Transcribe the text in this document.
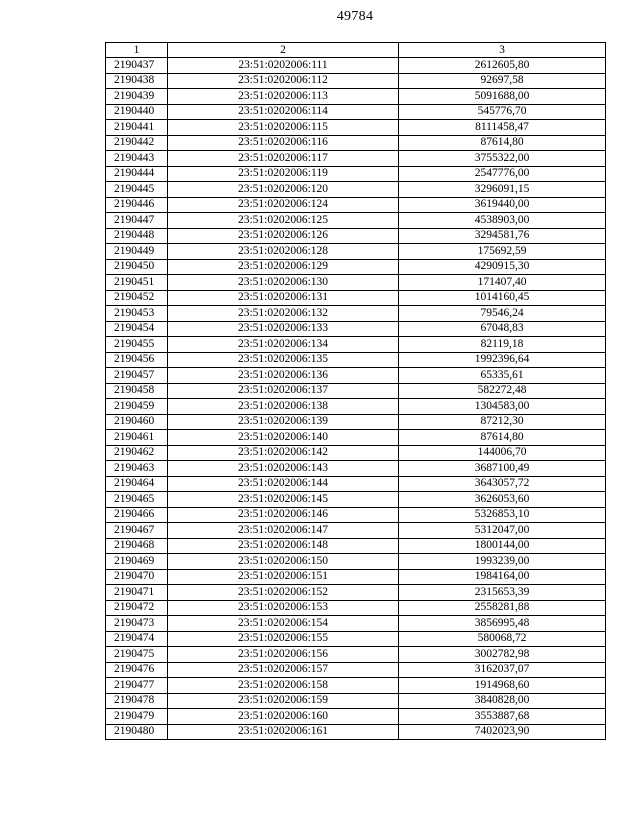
49784
1	2	3
2190437	23:51:0202006:111	2612605,80
2190438	23:51:0202006:112	92697,58
2190439	23:51:0202006:113	5091688,00
2190440	23:51:0202006:114	545776,70
2190441	23:51:0202006:115	8111458,47
2190442	23:51:0202006:116	87614,80
2190443	23:51:0202006:117	3755322,00
2190444	23:51:0202006:119	2547776,00
2190445	23:51:0202006:120	3296091,15
2190446	23:51:0202006:124	3619440,00
2190447	23:51:0202006:125	4538903,00
2190448	23:51:0202006:126	3294581,76
2190449	23:51:0202006:128	175692,59
2190450	23:51:0202006:129	4290915,30
2190451	23:51:0202006:130	171407,40
2190452	23:51:0202006:131	1014160,45
2190453	23:51:0202006:132	79546,24
2190454	23:51:0202006:133	67048,83
2190455	23:51:0202006:134	82119,18
2190456	23:51:0202006:135	1992396,64
2190457	23:51:0202006:136	65335,61
2190458	23:51:0202006:137	582272,48
2190459	23:51:0202006:138	1304583,00
2190460	23:51:0202006:139	87212,30
2190461	23:51:0202006:140	87614,80
2190462	23:51:0202006:142	144006,70
2190463	23:51:0202006:143	3687100,49
2190464	23:51:0202006:144	3643057,72
2190465	23:51:0202006:145	3626053,60
2190466	23:51:0202006:146	5326853,10
2190467	23:51:0202006:147	5312047,00
2190468	23:51:0202006:148	1800144,00
2190469	23:51:0202006:150	1993239,00
2190470	23:51:0202006:151	1984164,00
2190471	23:51:0202006:152	2315653,39
2190472	23:51:0202006:153	2558281,88
2190473	23:51:0202006:154	3856995,48
2190474	23:51:0202006:155	580068,72
2190475	23:51:0202006:156	3002782,98
2190476	23:51:0202006:157	3162037,07
2190477	23:51:0202006:158	1914968,60
2190478	23:51:0202006:159	3840828,00
2190479	23:51:0202006:160	3553887,68
2190480	23:51:0202006:161	7402023,90
